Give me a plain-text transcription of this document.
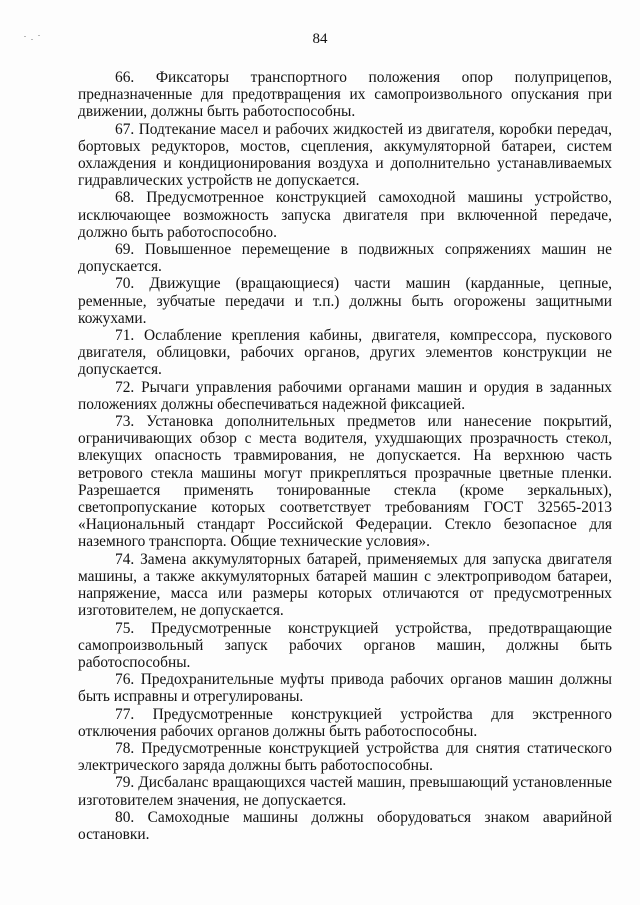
84

66. Фиксаторы транспортного положения опор полуприцепов, предназначенные для предотвращения их самопроизвольного опускания при движении, должны быть работоспособны.

67. Подтекание масел и рабочих жидкостей из двигателя, коробки передач, бортовых редукторов, мостов, сцепления, аккумуляторной батареи, систем охлаждения и кондиционирования воздуха и дополнительно устанавливаемых гидравлических устройств не допускается.

68. Предусмотренное конструкцией самоходной машины устройство, исключающее возможность запуска двигателя при включенной передаче, должно быть работоспособно.

69. Повышенное перемещение в подвижных сопряжениях машин не допускается.

70. Движущие (вращающиеся) части машин (карданные, цепные, ременные, зубчатые передачи и т.п.) должны быть огорожены защитными кожухами.

71. Ослабление крепления кабины, двигателя, компрессора, пускового двигателя, облицовки, рабочих органов, других элементов конструкции не допускается.

72. Рычаги управления рабочими органами машин и орудия в заданных положениях должны обеспечиваться надежной фиксацией.

73. Установка дополнительных предметов или нанесение покрытий, ограничивающих обзор с места водителя, ухудшающих прозрачность стекол, влекущих опасность травмирования, не допускается. На верхнюю часть ветрового стекла машины могут прикрепляться прозрачные цветные пленки. Разрешается применять тонированные стекла (кроме зеркальных), светопропускание которых соответствует требованиям ГОСТ 32565-2013 «Национальный стандарт Российской Федерации. Стекло безопасное для наземного транспорта. Общие технические условия».

74. Замена аккумуляторных батарей, применяемых для запуска двигателя машины, а также аккумуляторных батарей машин с электроприводом батареи, напряжение, масса или размеры которых отличаются от предусмотренных изготовителем, не допускается.

75. Предусмотренные конструкцией устройства, предотвращающие самопроизвольный запуск рабочих органов машин, должны быть работоспособны.

76. Предохранительные муфты привода рабочих органов машин должны быть исправны и отрегулированы.

77. Предусмотренные конструкцией устройства для экстренного отключения рабочих органов должны быть работоспособны.

78. Предусмотренные конструкцией устройства для снятия статического электрического заряда должны быть работоспособны.

79. Дисбаланс вращающихся частей машин, превышающий установленные изготовителем значения, не допускается.

80. Самоходные машины должны оборудоваться знаком аварийной остановки.
